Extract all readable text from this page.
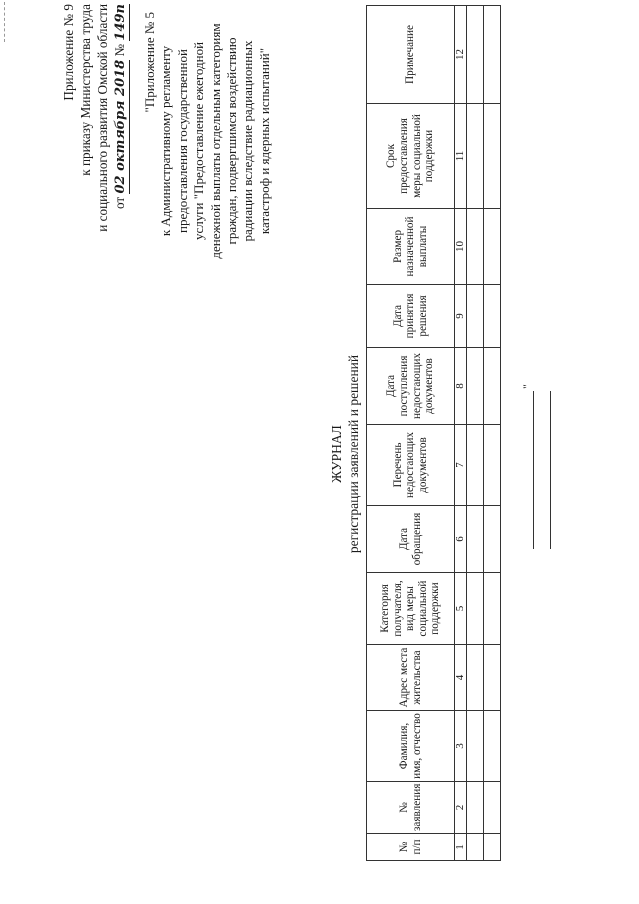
Приложение № 9 к приказу Министерства труда и социального развития Омской области от 02 октября 2018 № 149п "Приложение № 5 к Административному регламенту предоставления государственной услуги "Предоставление ежегодной денежной выплаты отдельным категориям граждан, подвергшимся воздействию радиации вследствие радиационных катастроф и ядерных испытаний"

ЖУРНАЛ регистрации заявлений и решений
№ п/п	№ заявления	Фамилия, имя, отчество	Адрес места жительства	Категория получателя, вид меры социальной поддержки	Дата обращения	Перечень недостающих документов	Дата поступления недостающих документов	Дата принятия решения	Размер назначенной выплаты	Срок предоставления меры социальной поддержки	Примечание
1	2	3	4	5	6	7	8	9	10	11	12

"
